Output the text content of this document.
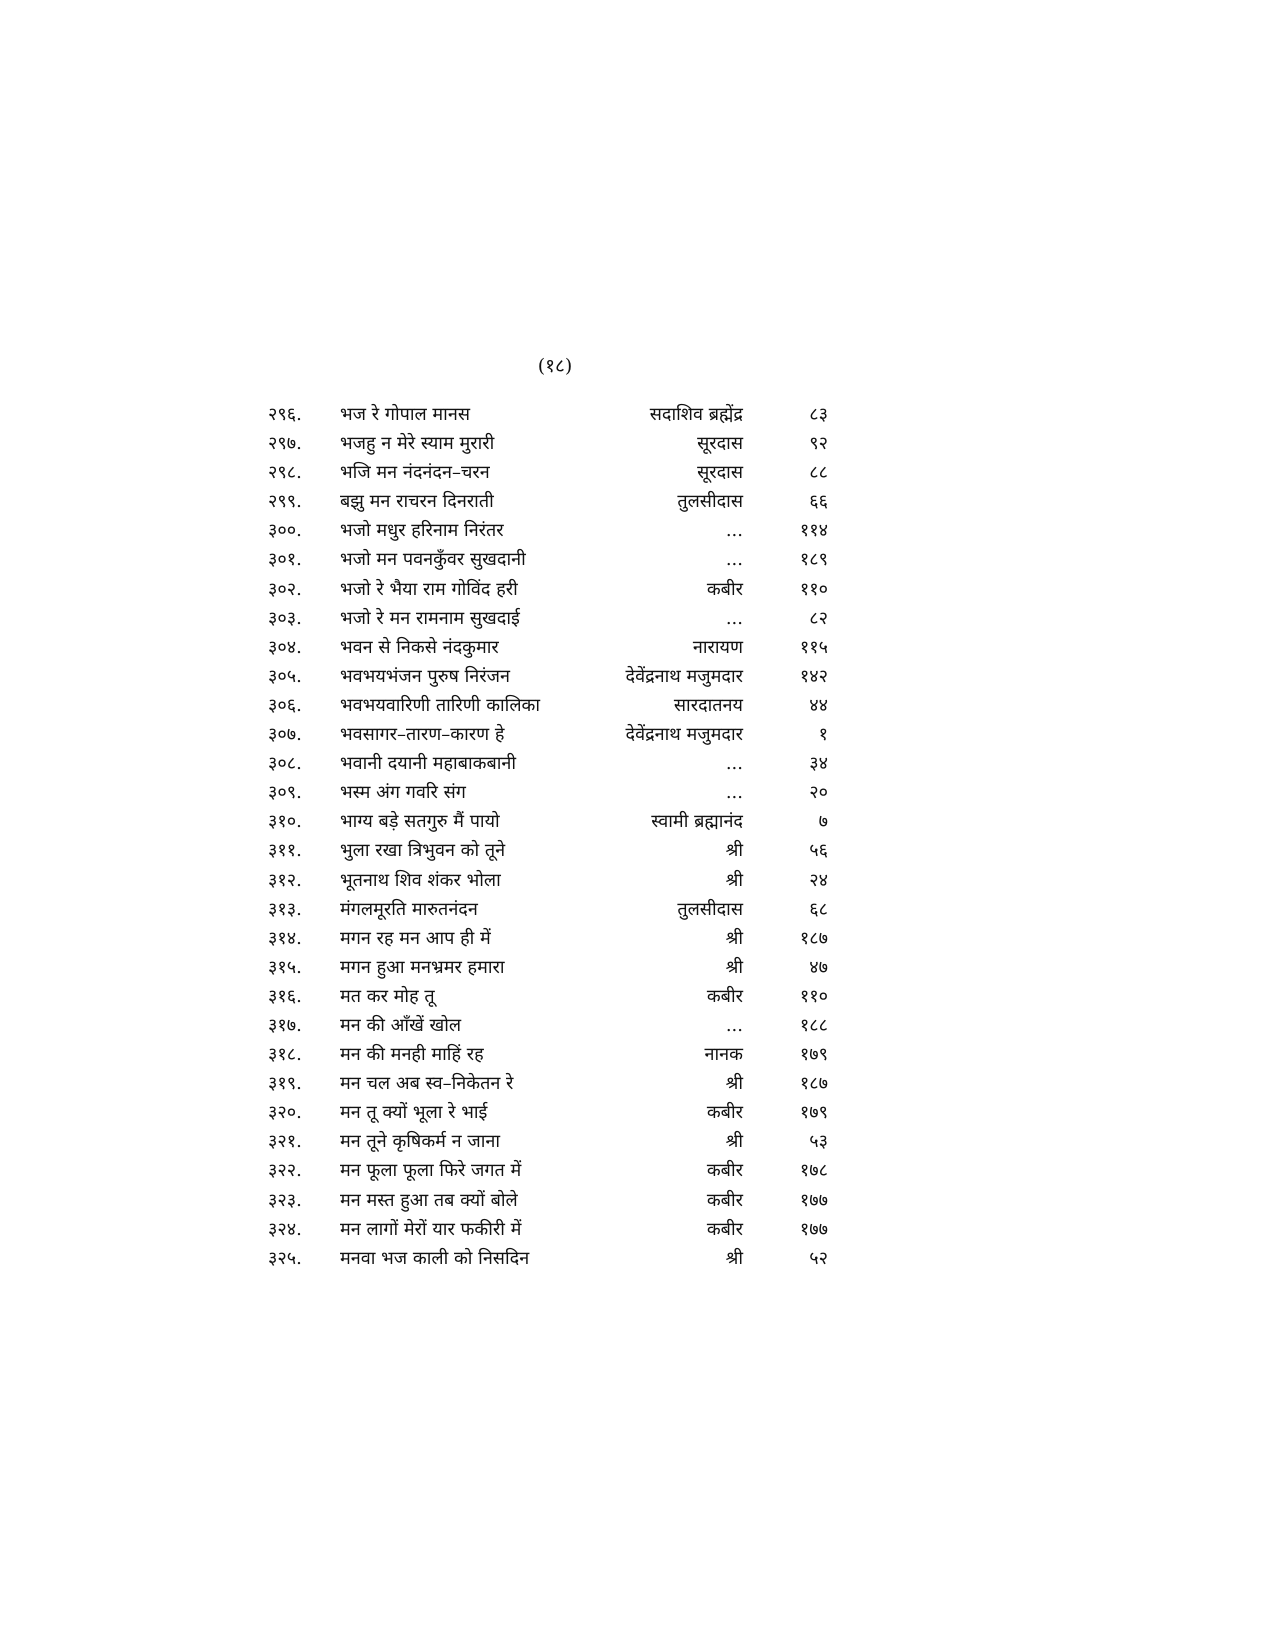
(१८)
२९६. भज रे गोपाल मानस	सदाशिव ब्रह्मेंद्र	८३
२९७. भजहु न मेरे स्याम मुरारी	सूरदास	९२
२९८. भजि मन नंदनंदन–चरन	सूरदास	८८
२९९. बझु मन राचरन दिनराती	तुलसीदास	६६
३००. भजो मधुर हरिनाम निरंतर	...	११४
३०१. भजो मन पवनकुँवर सुखदानी	...	१८९
३०२. भजो रे भैया राम गोविंद हरी	कबीर	११०
३०३. भजो रे मन रामनाम सुखदाई	...	८२
३०४. भवन से निकसे नंदकुमार	नारायण	११५
३०५. भवभयभंजन पुरुष निरंजन	देवेंद्रनाथ मजुमदार	१४२
३०६. भवभयवारिणी तारिणी कालिका	सारदातनय	४४
३०७. भवसागर–तारण–कारण हे	देवेंद्रनाथ मजुमदार	१
३०८. भवानी दयानी महाबाकबानी	...	३४
३०९. भस्म अंग गवरि संग	...	२०
३१०. भाग्य बड़े सतगुरु मैं पायो	स्वामी ब्रह्मानंद	७
३११. भुला रखा त्रिभुवन को तूने	श्री	५६
३१२. भूतनाथ शिव शंकर भोला	श्री	२४
३१३. मंगलमूरति मारुतनंदन	तुलसीदास	६८
३१४. मगन रह मन आप ही में	श्री	१८७
३१५. मगन हुआ मनभ्रमर हमारा	श्री	४७
३१६. मत कर मोह तू	कबीर	११०
३१७. मन की आँखें खोल	...	१८८
३१८. मन की मनही माहिं रह	नानक	१७९
३१९. मन चल अब स्व–निकेतन रे	श्री	१८७
३२०. मन तू क्यों भूला रे भाई	कबीर	१७९
३२१. मन तूने कृषिकर्म न जाना	श्री	५३
३२२. मन फूला फूला फिरे जगत में	कबीर	१७८
३२३. मन मस्त हुआ तब क्यों बोले	कबीर	१७७
३२४. मन लागों मेरों यार फकीरी में	कबीर	१७७
३२५. मनवा भज काली को निसदिन	श्री	५२
